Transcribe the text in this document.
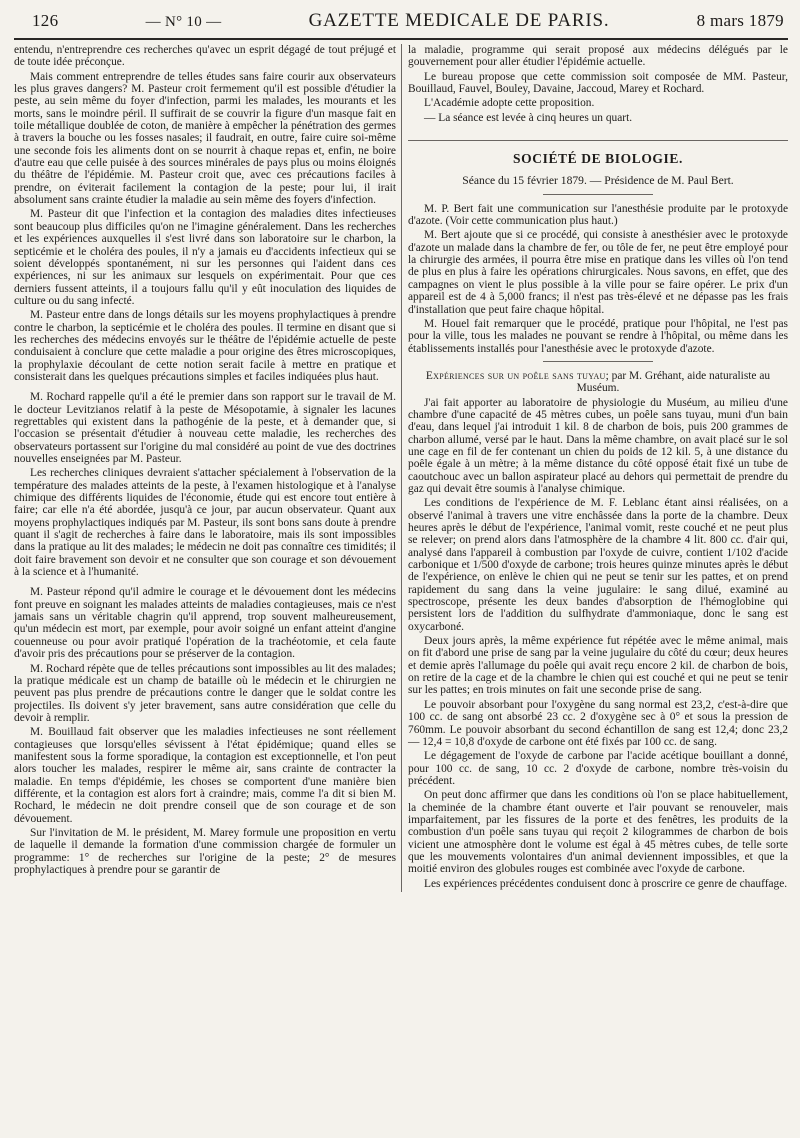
126	— N° 10 —	GAZETTE MEDICALE DE PARIS.	8 mars 1879

entendu, n'entreprendre ces recherches qu'avec un esprit dégagé de tout préjugé et de toute idée préconçue.

Mais comment entreprendre de telles études sans faire courir aux observateurs les plus graves dangers? M. Pasteur croit fermement qu'il est possible d'étudier la peste, au sein même du foyer d'infection, parmi les malades, les mourants et les morts, sans le moindre péril. Il suffirait de se couvrir la figure d'un masque fait en toile métallique doublée de coton, de manière à empêcher la pénétration des germes à travers la bouche ou les fosses nasales; il faudrait, en outre, faire cuire soi-même une seconde fois les aliments dont on se nourrit à chaque repas et, enfin, ne boire d'autre eau que celle puisée à des sources minérales de pays plus ou moins éloignés du théâtre de l'épidémie. M. Pasteur croit que, avec ces précautions faciles à prendre, on éviterait facilement la contagion de la peste; pour lui, il irait absolument sans crainte étudier la maladie au sein même des foyers d'infection.

M. Pasteur dit que l'infection et la contagion des maladies dites infectieuses sont beaucoup plus difficiles qu'on ne l'imagine généralement. Dans les recherches et les expériences auxquelles il s'est livré dans son laboratoire sur le charbon, la septicémie et le choléra des poules, il n'y a jamais eu d'accidents infectieux qui se soient développés spontanément, ni sur les personnes qui l'aident dans ces expériences, ni sur les animaux sur lesquels on expérimentait. Pour que ces derniers fussent atteints, il a toujours fallu qu'il y eût inoculation des liquides de culture ou du sang infecté.

M. Pasteur entre dans de longs détails sur les moyens prophylactiques à prendre contre le charbon, la septicémie et le choléra des poules. Il termine en disant que si les recherches des médecins envoyés sur le théâtre de l'épidémie actuelle de peste conduisaient à conclure que cette maladie a pour origine des êtres microscopiques, la prophylaxie découlant de cette notion serait facile à mettre en pratique et consisterait dans les quelques précautions simples et faciles indiquées plus haut.

M. Rochard rappelle qu'il a été le premier dans son rapport sur le travail de M. le docteur Levitzianos relatif à la peste de Mésopotamie, à signaler les lacunes regrettables qui existent dans la pathogénie de la peste, et à demander que, si l'occasion se présentait d'étudier à nouveau cette maladie, les recherches des observateurs portassent sur l'origine du mal considéré au point de vue des doctrines nouvelles enseignées par M. Pasteur.

Les recherches cliniques devraient s'attacher spécialement à l'observation de la température des malades atteints de la peste, à l'examen histologique et à l'analyse chimique des différents liquides de l'économie, étude qui est encore tout entière à faire; car elle n'a été abordée, jusqu'à ce jour, par aucun observateur. Quant aux moyens prophylactiques indiqués par M. Pasteur, ils sont bons sans doute à prendre quant il s'agit de recherches à faire dans le laboratoire, mais ils sont impossibles dans la pratique au lit des malades; le médecin ne doit pas connaître ces timidités; il doit faire bravement son devoir et ne consulter que son courage et son dévouement à la science et à l'humanité.

M. Pasteur répond qu'il admire le courage et le dévouement dont les médecins font preuve en soignant les malades atteints de maladies contagieuses, mais ce n'est jamais sans un véritable chagrin qu'il apprend, trop souvent malheureusement, qu'un médecin est mort, par exemple, pour avoir soigné un enfant atteint d'angine couenneuse ou pour avoir pratiqué l'opération de la trachéotomie, et cela faute d'avoir pris des précautions pour se préserver de la contagion.

M. Rochard répète que de telles précautions sont impossibles au lit des malades; la pratique médicale est un champ de bataille où le médecin et le chirurgien ne peuvent pas plus prendre de précautions contre le danger que le soldat contre les projectiles. Ils doivent s'y jeter bravement, sans autre considération que celle du devoir à remplir.

M. Bouillaud fait observer que les maladies infectieuses ne sont réellement contagieuses que lorsqu'elles sévissent à l'état épidémique; quand elles se manifestent sous la forme sporadique, la contagion est exceptionnelle, et l'on peut alors toucher les malades, respirer le même air, sans crainte de contracter la maladie. En temps d'épidémie, les choses se comportent d'une manière bien différente, et la contagion est alors fort à craindre; mais, comme l'a dit si bien M. Rochard, le médecin ne doit prendre conseil que de son courage et de son dévouement.

Sur l'invitation de M. le président, M. Marey formule une proposition en vertu de laquelle il demande la formation d'une commission chargée de formuler un programme: 1° de recherches sur l'origine de la peste; 2° de mesures prophylactiques à prendre pour se garantir de

la maladie, programme qui serait proposé aux médecins délégués par le gouvernement pour aller étudier l'épidémie actuelle.

Le bureau propose que cette commission soit composée de MM. Pasteur, Bouillaud, Fauvel, Bouley, Davaine, Jaccoud, Marey et Rochard.

L'Académie adopte cette proposition.

— La séance est levée à cinq heures un quart.

SOCIÉTÉ DE BIOLOGIE.

Séance du 15 février 1879. — Présidence de M. Paul Bert.

M. P. Bert fait une communication sur l'anesthésie produite par le protoxyde d'azote. (Voir cette communication plus haut.)

M. Bert ajoute que si ce procédé, qui consiste à anesthésier avec le protoxyde d'azote un malade dans la chambre de fer, ou tôle de fer, ne peut être employé pour la chirurgie des armées, il pourra être mise en pratique dans les villes où l'on tend de plus en plus à faire les opérations chirurgicales. Nous savons, en effet, que des campagnes on vient le plus possible à la ville pour se faire opérer. Le prix d'un appareil est de 4 à 5,000 francs; il n'est pas très-élevé et ne dépasse pas les frais d'installation que peut faire chaque hôpital.

M. Houel fait remarquer que le procédé, pratique pour l'hôpital, ne l'est pas pour la ville, tous les malades ne pouvant se rendre à l'hôpital, ou même dans les établissements installés pour l'anesthésie avec le protoxyde d'azote.

Expériences sur un poêle sans tuyau; par M. Gréhant, aide naturaliste au Muséum.

J'ai fait apporter au laboratoire de physiologie du Muséum, au milieu d'une chambre d'une capacité de 45 mètres cubes, un poêle sans tuyau, muni d'un bain d'eau, dans lequel j'ai introduit 1 kil. 8 de charbon de bois, puis 200 grammes de charbon allumé, versé par le haut. Dans la même chambre, on avait placé sur le sol une cage en fil de fer contenant un chien du poids de 12 kil. 5, à une distance du poêle égale à un mètre; à la même distance du côté opposé était fixé un tube de caoutchouc avec un ballon aspirateur placé au dehors qui permettait de prendre du gaz qui devait être soumis à l'analyse chimique.

Les conditions de l'expérience de M. F. Leblanc étant ainsi réalisées, on a observé l'animal à travers une vitre enchâssée dans la porte de la chambre. Deux heures après le début de l'expérience, l'animal vomit, reste couché et ne peut plus se relever; on prend alors dans l'atmosphère de la chambre 4 lit. 800 cc. d'air qui, analysé dans l'appareil à combustion par l'oxyde de cuivre, contient 1/102 d'acide carbonique et 1/500 d'oxyde de carbone; trois heures quinze minutes après le début de l'expérience, on enlève le chien qui ne peut se tenir sur les pattes, et on prend rapidement du sang dans la veine jugulaire: le sang dilué, examiné au spectroscope, présente les deux bandes d'absorption de l'hémoglobine qui persistent lors de l'addition du sulfhydrate d'ammoniaque, donc le sang est oxycarboné.

Deux jours après, la même expérience fut répétée avec le même animal, mais on fit d'abord une prise de sang par la veine jugulaire du côté du cœur; deux heures et demie après l'allumage du poêle qui avait reçu encore 2 kil. de charbon de bois, on retire de la cage et de la chambre le chien qui est couché et qui ne peut se tenir sur les pattes; en trois minutes on fait une seconde prise de sang.

Le pouvoir absorbant pour l'oxygène du sang normal est 23,2, c'est-à-dire que 100 cc. de sang ont absorbé 23 cc. 2 d'oxygène sec à 0° et sous la pression de 760mm. Le pouvoir absorbant du second échantillon de sang est 12,4; donc 23,2 — 12,4 = 10,8 d'oxyde de carbone ont été fixés par 100 cc. de sang.

Le dégagement de l'oxyde de carbone par l'acide acétique bouillant a donné, pour 100 cc. de sang, 10 cc. 2 d'oxyde de carbone, nombre très-voisin du précédent.

On peut donc affirmer que dans les conditions où l'on se place habituellement, la cheminée de la chambre étant ouverte et l'air pouvant se renouveler, mais imparfaitement, par les fissures de la porte et des fenêtres, les produits de la combustion d'un poêle sans tuyau qui reçoit 2 kilogrammes de charbon de bois vicient une atmosphère dont le volume est égal à 45 mètres cubes, de telle sorte que les mouvements volontaires d'un animal deviennent impossibles, et que la moitié environ des globules rouges est combinée avec l'oxyde de carbone.

Les expériences précédentes conduisent donc à proscrire ce genre de chauffage.
